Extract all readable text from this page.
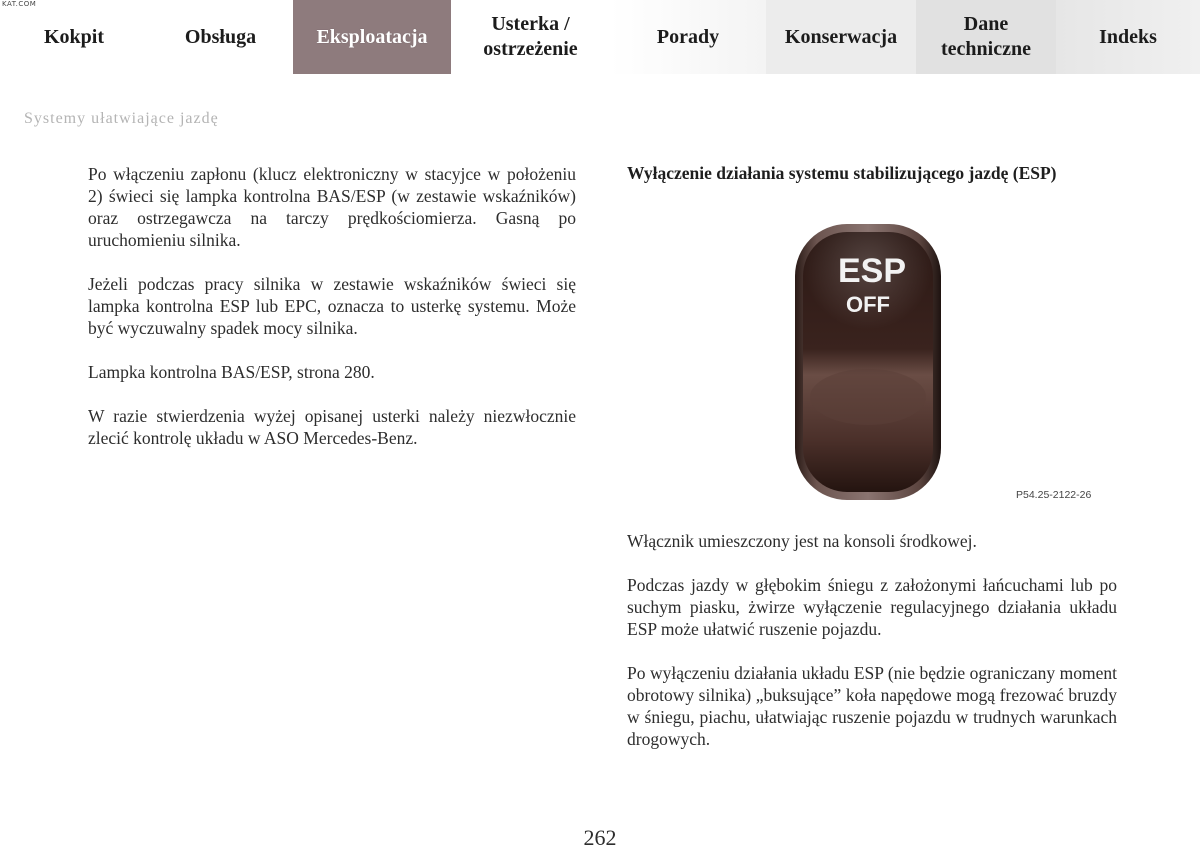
KAT.COM
Kokpit	Obsługa	Eksploatacja
Usterka /
ostrzeżenie
Porady	Konserwacja
Dane
techniczne
Indeks
Systemy ułatwiające jazdę

Po włączeniu zapłonu (klucz elektroniczny w stacyjce w położeniu 2) świeci się lampka kontrolna BAS/ESP (w zestawie wskaźników) oraz ostrzegawcza na tarczy prędkościomierza. Gasną po uruchomieniu silnika.

Jeżeli podczas pracy silnika w zestawie wskaźników świeci się lampka kontrolna ESP lub EPC, oznacza to usterkę systemu. Może być wyczuwalny spadek mocy silnika.

Lampka kontrolna BAS/ESP, strona 280.

W razie stwierdzenia wyżej opisanej usterki należy niezwłocznie zlecić kontrolę układu w ASO Mercedes-Benz.

Wyłączenie działania systemu stabilizującego jazdę (ESP)
ESP
OFF
P54.25-2122-26

Włącznik umieszczony jest na konsoli środkowej.

Podczas jazdy w głębokim śniegu z założonymi łańcuchami lub po suchym piasku, żwirze wyłączenie regulacyjnego działania układu ESP może ułatwić ruszenie pojazdu.

Po wyłączeniu działania układu ESP (nie będzie ograniczany moment obrotowy silnika) „buksujące” koła napędowe mogą frezować bruzdy w śniegu, piachu, ułatwiając ruszenie pojazdu w trudnych warunkach drogowych.

262
